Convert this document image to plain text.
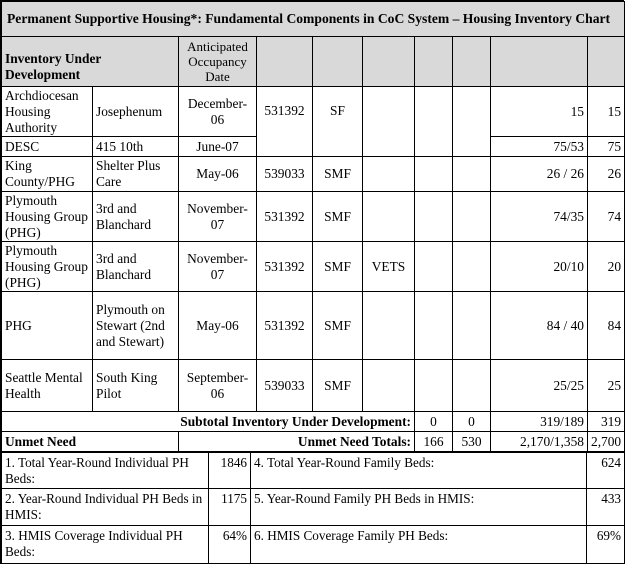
Permanent Supportive Housing*: Fundamental Components in CoC System – Housing Inventory Chart									
Inventory Under Development		Anticipated Occupancy Date							
Archdiocesan Housing Authority	Josephenum	December-06	531392	SF				15	15
DESC	415 10th	June-07						75/53	75
King County/PHG	Shelter Plus Care	May-06	539033	SMF				26 / 26	26
Plymouth Housing Group (PHG)	3rd and Blanchard	November-07	531392	SMF				74/35	74
Plymouth Housing Group (PHG)	3rd and Blanchard	November-07	531392	SMF	VETS			20/10	20
PHG	Plymouth on Stewart (2nd and Stewart)	May-06	531392	SMF				84 / 40	84
Seattle Mental Health	South King Pilot	September-06	539033	SMF				25/25	25
Subtotal Inventory Under Development:						0	0	319/189	319
Unmet Need		Unmet Need Totals:				166	530	2,170/1,358	2,700
1. Total Year-Round Individual PH Beds:	1846	4. Total Year-Round Family Beds:	624
2. Year-Round Individual PH Beds in HMIS:	1175	5. Year-Round Family PH Beds in HMIS:	433
3. HMIS Coverage Individual PH Beds:	64%	6. HMIS Coverage Family PH Beds:	69%
